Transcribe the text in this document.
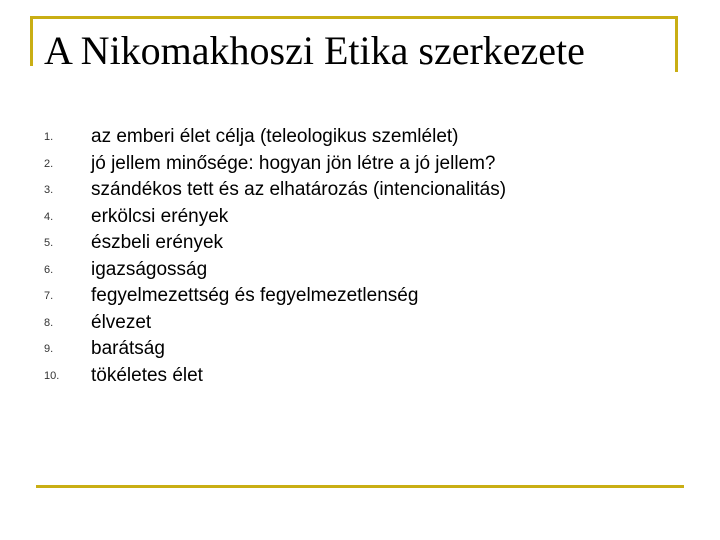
A Nikomakhoszi Etika szerkezete
1. az emberi élet célja (teleologikus szemlélet)
2. jó jellem minősége: hogyan jön létre a jó jellem?
3. szándékos tett és az elhatározás (intencionalitás)
4. erkölcsi erények
5. észbeli erények
6. igazságosság
7. fegyelmezettség és fegyelmezetlenség
8. élvezet
9. barátság
10. tökéletes élet
